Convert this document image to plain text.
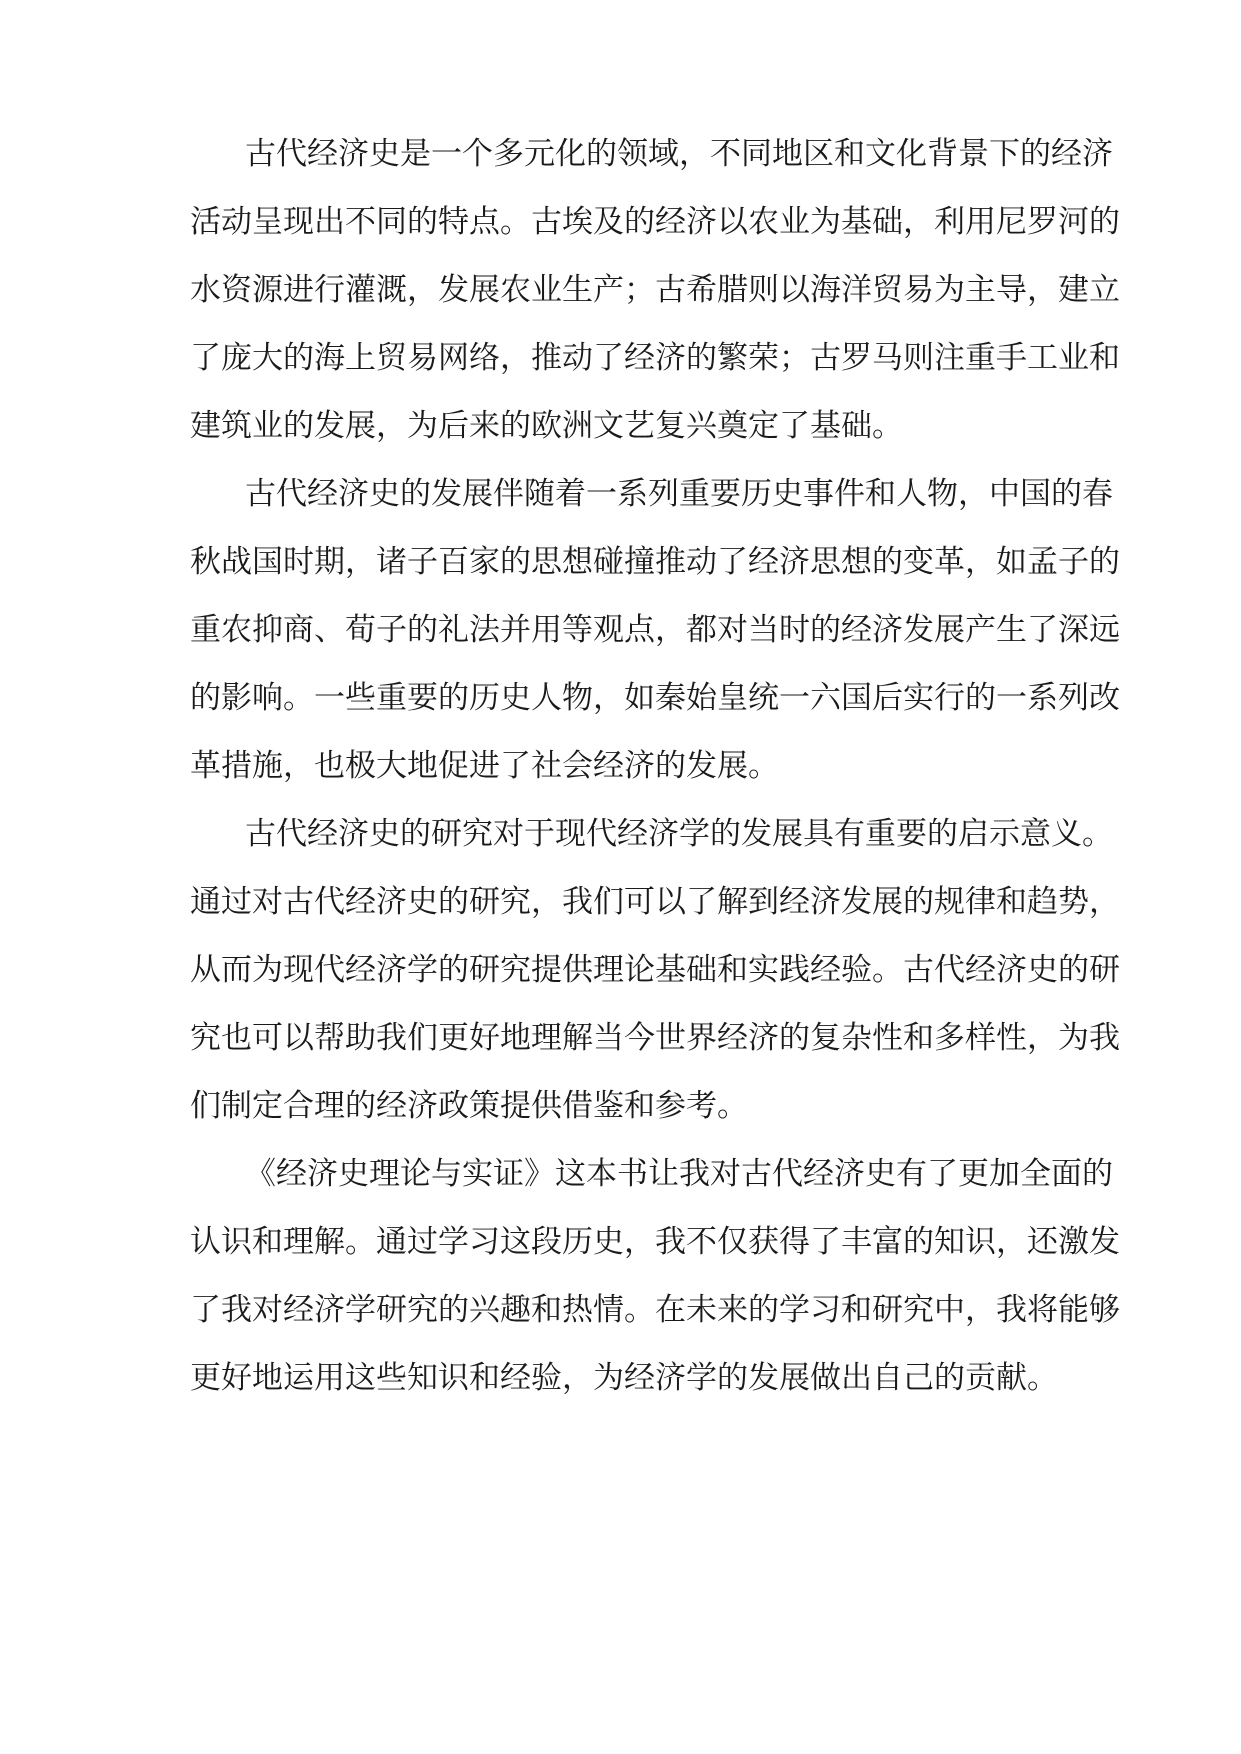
古代经济史是一个多元化的领域，不同地区和文化背景下的经济
活动呈现出不同的特点。古埃及的经济以农业为基础，利用尼罗河的
水资源进行灌溉，发展农业生产；古希腊则以海洋贸易为主导，建立
了庞大的海上贸易网络，推动了经济的繁荣；古罗马则注重手工业和
建筑业的发展，为后来的欧洲文艺复兴奠定了基础。
古代经济史的发展伴随着一系列重要历史事件和人物，中国的春
秋战国时期，诸子百家的思想碰撞推动了经济思想的变革，如孟子的
重农抑商、荀子的礼法并用等观点，都对当时的经济发展产生了深远
的影响。一些重要的历史人物，如秦始皇统一六国后实行的一系列改
革措施，也极大地促进了社会经济的发展。
古代经济史的研究对于现代经济学的发展具有重要的启示意义。
通过对古代经济史的研究，我们可以了解到经济发展的规律和趋势，
从而为现代经济学的研究提供理论基础和实践经验。古代经济史的研
究也可以帮助我们更好地理解当今世界经济的复杂性和多样性，为我
们制定合理的经济政策提供借鉴和参考。
《经济史理论与实证》这本书让我对古代经济史有了更加全面的
认识和理解。通过学习这段历史，我不仅获得了丰富的知识，还激发
了我对经济学研究的兴趣和热情。在未来的学习和研究中，我将能够
更好地运用这些知识和经验，为经济学的发展做出自己的贡献。
